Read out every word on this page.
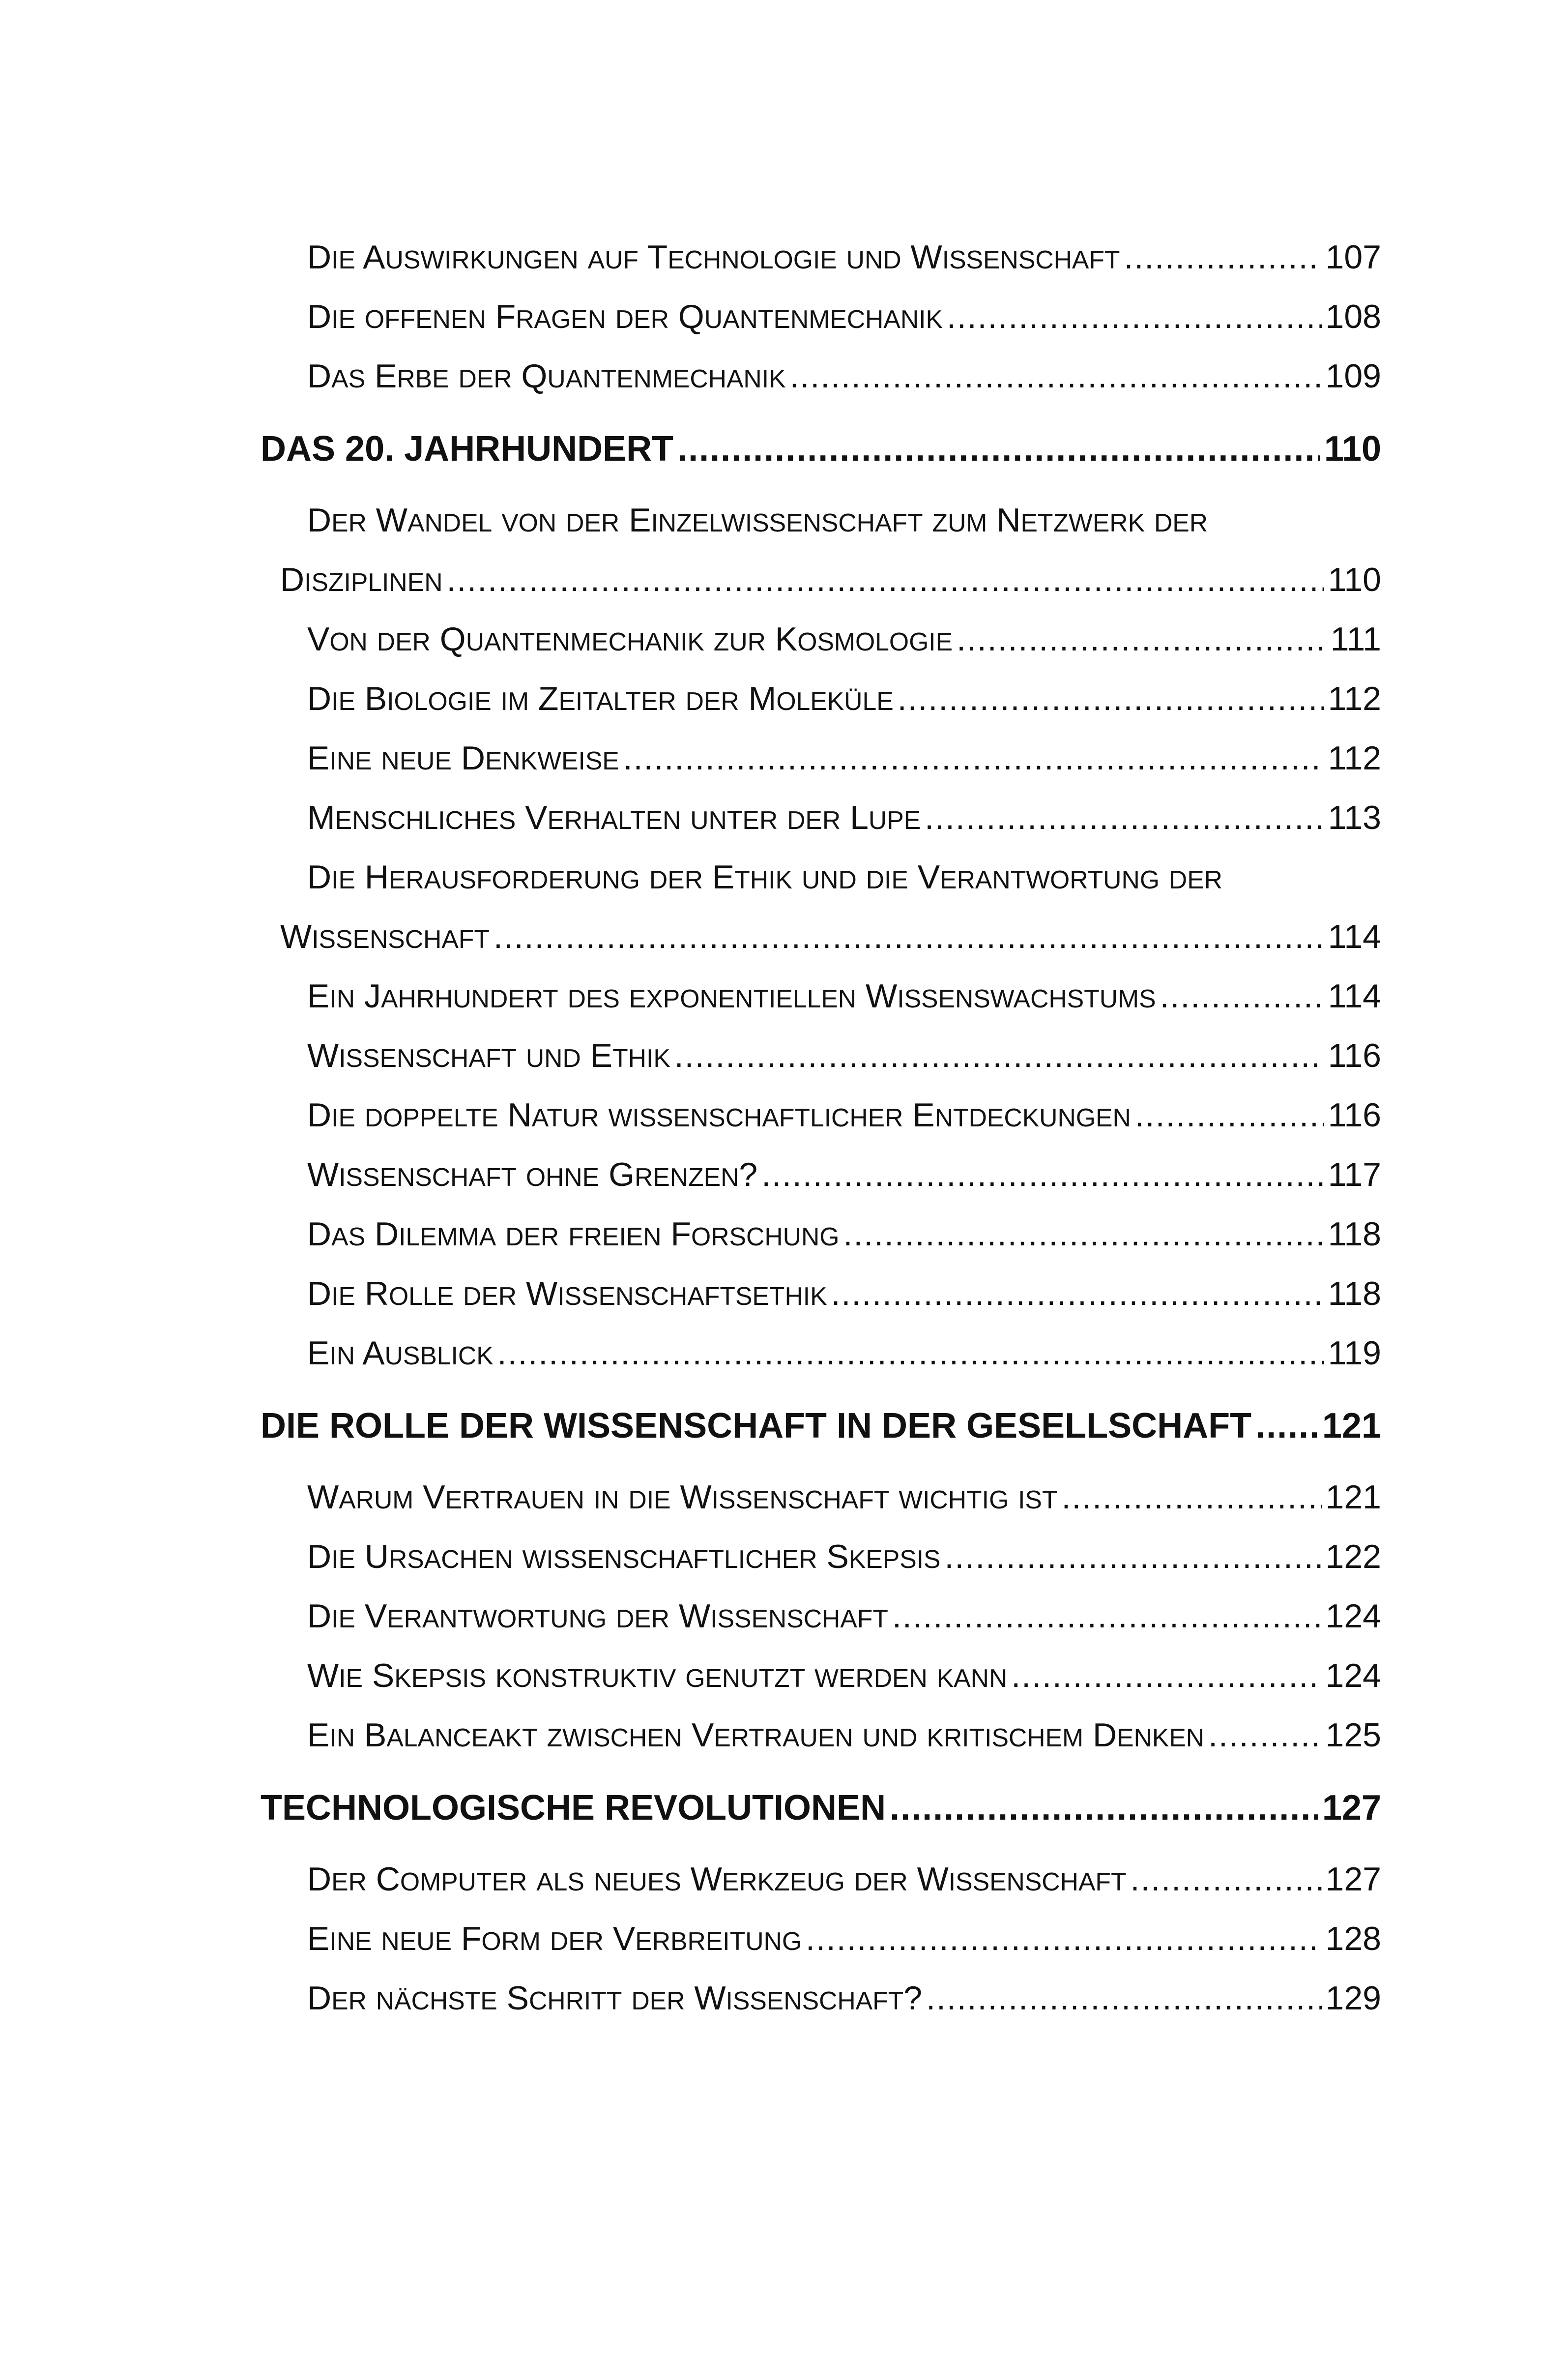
DIE AUSWIRKUNGEN AUF TECHNOLOGIE UND WISSENSCHAFT .....	107
DIE OFFENEN FRAGEN DER QUANTENMECHANIK .....	108
DAS ERBE DER QUANTENMECHANIK .....	109
DAS 20. JAHRHUNDERT .....	110
DER WANDEL VON DER EINZELWISSENSCHAFT ZUM NETZWERK DER
DISZIPLINEN .....	110
VON DER QUANTENMECHANIK ZUR KOSMOLOGIE .....	111
DIE BIOLOGIE IM ZEITALTER DER MOLEKÜLE .....	112
EINE NEUE DENKWEISE .....	112
MENSCHLICHES VERHALTEN UNTER DER LUPE .....	113
DIE HERAUSFORDERUNG DER ETHIK UND DIE VERANTWORTUNG DER
WISSENSCHAFT .....	114
EIN JAHRHUNDERT DES EXPONENTIELLEN WISSENSWACHSTUMS .....	114
WISSENSCHAFT UND ETHIK .....	116
DIE DOPPELTE NATUR WISSENSCHAFTLICHER ENTDECKUNGEN .....	116
WISSENSCHAFT OHNE GRENZEN? .....	117
DAS DILEMMA DER FREIEN FORSCHUNG .....	118
DIE ROLLE DER WISSENSCHAFTSETHIK .....	118
EIN AUSBLICK .....	119
DIE ROLLE DER WISSENSCHAFT IN DER GESELLSCHAFT ..... 121
WARUM VERTRAUEN IN DIE WISSENSCHAFT WICHTIG IST .....	121
DIE URSACHEN WISSENSCHAFTLICHER SKEPSIS .....	122
DIE VERANTWORTUNG DER WISSENSCHAFT .....	124
WIE SKEPSIS KONSTRUKTIV GENUTZT WERDEN KANN .....	124
EIN BALANCEAKT ZWISCHEN VERTRAUEN UND KRITISCHEM DENKEN .....	125
TECHNOLOGISCHE REVOLUTIONEN .....	127
DER COMPUTER ALS NEUES WERKZEUG DER WISSENSCHAFT .....	127
EINE NEUE FORM DER VERBREITUNG .....	128
DER NÄCHSTE SCHRITT DER WISSENSCHAFT? .....	129
